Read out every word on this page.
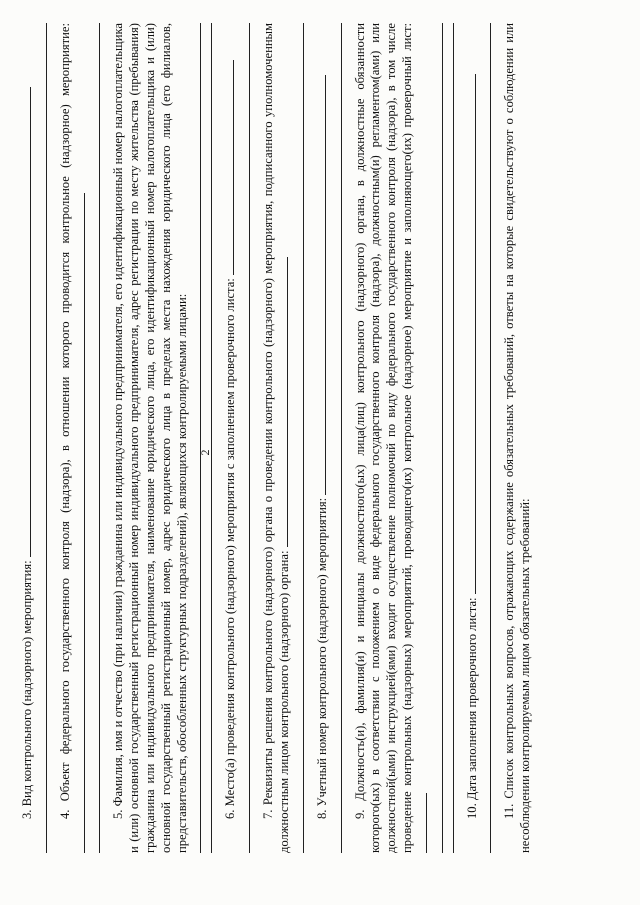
2

3. Вид контрольного (надзорного) мероприятия: 4. Объект федерального государственного контроля (надзора), в отношении которого проводится контрольное (надзорное) мероприятие:	5. Фамилия, имя и отчество (при наличии) гражданина или индивидуального предпринимателя, его идентификационный номер налогоплательщика и (или) основной государственный регистрационный номер индивидуального предпринимателя, адрес регистрации по месту жительства (пребывания) гражданина или индивидуального предпринимателя, наименование юридического лица, его идентификационный номер налогоплательщика и (или) основной государственный регистрационный номер, адрес юридического лица в пределах места нахождения юридического лица (его филиалов, представительств, обособленных структурных подразделений), являющихся контролируемыми лицами:	6. Место(а) проведения контрольного (надзорного) мероприятия с заполнением проверочного листа: 7. Реквизиты решения контрольного (надзорного) органа о проведении контрольного (надзорного) мероприятия, подписанного уполномоченным должностным лицом контрольного (надзорного) органа: 8. Учетный номер контрольного (надзорного) мероприятия: 9. Должность(и), фамилия(и) и инициалы должностного(ых) лица(лиц) контрольного (надзорного) органа, в должностные обязанности которого(ых) в соответствии с положением о виде федерального государственного контроля (надзора), должностным(и) регламентом(ами) или должностной(ыми) инструкцией(ями) входит осуществление полномочий по виду федерального государственного контроля (надзора), в том числе проведение контрольных (надзорных) мероприятий, проводящего(их) контрольное (надзорное) мероприятие и заполняющего(их) проверочный лист:	10. Дата заполнения проверочного листа: 11. Список контрольных вопросов, отражающих содержание обязательных требований, ответы на которые свидетельствуют о соблюдении или несоблюдении контролируемым лицом обязательных требований:
